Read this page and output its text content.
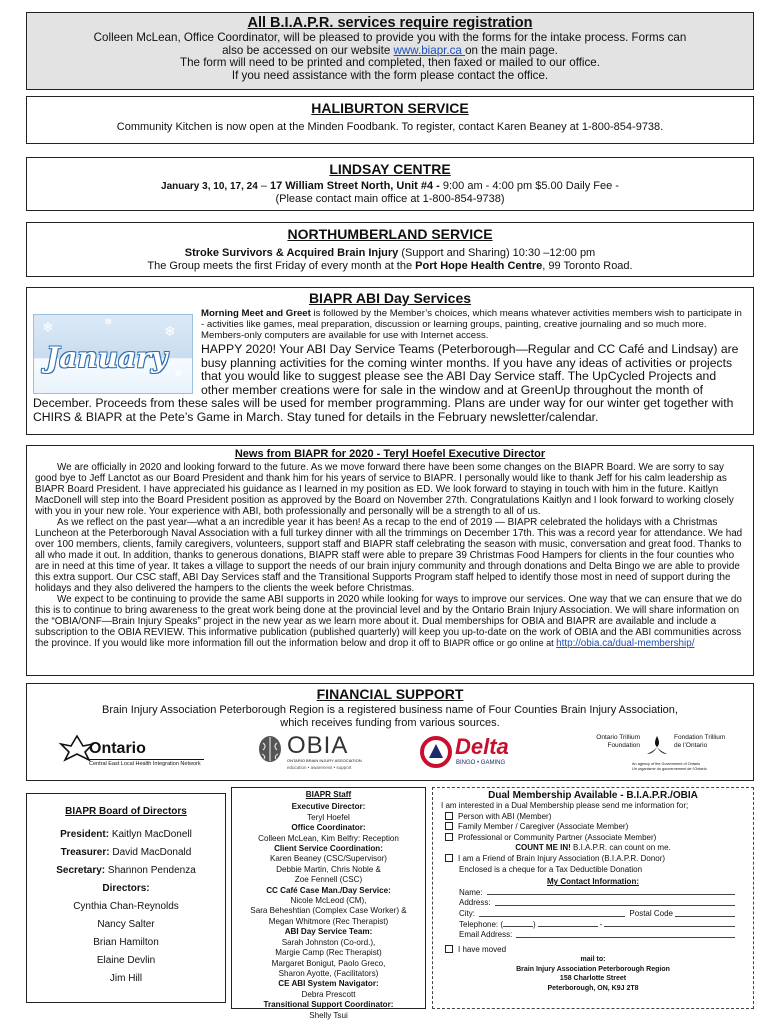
All B.I.A.P.R. services require registration
Colleen McLean, Office Coordinator, will be pleased to provide you with the forms for the intake process. Forms can
also be accessed on our website www.biapr.ca on the main page.
The form will need to be printed and completed, then faxed or mailed to our office.
If you need assistance with the form please contact the office.
HALIBURTON SERVICE
Community Kitchen is now open at the Minden Foodbank. To register, contact Karen Beaney at 1-800-854-9738.
LINDSAY CENTRE
January 3, 10, 17, 24 – 17 William Street North, Unit #4 - 9:00 am - 4:00 pm $5.00 Daily Fee -
(Please contact main office at 1-800-854-9738)
NORTHUMBERLAND SERVICE
Stroke Survivors & Acquired Brain Injury (Support and Sharing) 10:30 –12:00 pm
The Group meets the first Friday of every month at the Port Hope Health Centre, 99 Toronto Road.
BIAPR ABI Day Services
❄	❄
❄
❄
January
Morning Meet and Greet is followed by the Member’s choices, which means whatever activities members wish to participate in - activities like games, meal preparation, discussion or learning groups, painting, creative journaling and so much more. Members-only computers are available for use with Internet access.
HAPPY 2020! Your ABI Day Service Teams (Peterborough—Regular and CC Café and Lindsay) are busy planning activities for the coming winter months. If you have any ideas of activities or projects that you would like to suggest please see the ABI Day Service staff. The UpCycled Projects and other member creations were for sale in the window and at GreenUp throughout the month of December. Proceeds from these sales will be used for member programming. Plans are under way for our winter get together with CHIRS & BIAPR at the Pete’s Game in March. Stay tuned for details in the February newsletter/calendar.
News from BIAPR for 2020 - Teryl Hoefel Executive Director

We are officially in 2020 and looking forward to the future. As we move forward there have been some changes on the BIAPR Board. We are sorry to say good bye to Jeff Lanctot as our Board President and thank him for his years of service to BIAPR. I personally would like to thank Jeff for his calm leadership as BIAPR Board President. I have appreciated his guidance as I learned in my position as ED. We look forward to staying in touch with him in the future. Kaitlyn MacDonell will step into the Board President position as approved by the Board on November 27th. Congratulations Kaitlyn and I look forward to working closely with you in your new role. Your experience with ABI, both professionally and personally will be a strength to all of us.

As we reflect on the past year—what a an incredible year it has been! As a recap to the end of 2019 — BIAPR celebrated the holidays with a Christmas Luncheon at the Peterborough Naval Association with a full turkey dinner with all the trimmings on December 17th. This was a record year for attendance. We had over 100 members, clients, family caregivers, volunteers, support staff and BIAPR staff celebrating the season with music, conversation and great food. Thanks to all who made it out. In addition, thanks to generous donations, BIAPR staff were able to prepare 39 Christmas Food Hampers for clients in the four counties who are in need at this time of year. It takes a village to support the needs of our brain injury community and through donations and Delta Bingo we are able to provide this extra support. Our CSC staff, ABI Day Services staff and the Transitional Supports Program staff helped to identify those most in need of support during the holidays and they also delivered the hampers to the clients the week before Christmas.

We expect to be continuing to provide the same ABI supports in 2020 while looking for ways to improve our services. One way that we can ensure that we do this is to continue to bring awareness to the great work being done at the provincial level and by the Ontario Brain Injury Association. We will share information on the “OBIA/ONF—Brain Injury Speaks” project in the new year as we learn more about it. Dual memberships for OBIA and BIAPR are available and include a subscription to the OBIA REVIEW. This informative publication (published quarterly) will keep you up-to-date on the work of OBIA and the ABI communities across the province. If you would like more information fill out the information below and drop it off to BIAPR office or go online at http://obia.ca/dual-membership/

FINANCIAL SUPPORT
Brain Injury Association Peterborough Region is a registered business name of Four Counties Brain Injury Association,
which receives funding from various sources.
Ontario
Central East Local Health Integration Network
OBIA
ONTARIO BRAIN INJURY ASSOCIATION
education • awareness • support
Delta
BINGO • GAMING
Ontario Trillium Foundation
Fondation Trillium de l’Ontario
An agency of the Government of Ontario
Un organisme du gouvernement de l’Ontario
BIAPR Board of Directors
President: Kaitlyn MacDonell
Treasurer: David MacDonald
Secretary: Shannon Pendenza
Directors:
Cynthia Chan-Reynolds
Nancy Salter
Brian Hamilton
Elaine Devlin
Jim Hill
BIAPR Staff
Executive Director:
Teryl Hoefel
Office Coordinator:
Colleen McLean, Kim Belfry: Reception
Client Service Coordination:
Karen Beaney (CSC/Supervisor)
Debbie Martin, Chris Noble &
Zoe Fennell (CSC)
CC Café Case Man./Day Service:
Nicole McLeod (CM),
Sara Beheshtian (Complex Case Worker) &
Megan Whitmore (Rec Therapist)
ABI Day Service Team:
Sarah Johnston (Co-ord.),
Margie Camp (Rec Therapist)
Margaret Bonigut, Paolo Greco,
Sharon Ayotte, (Facilitators)
CE ABI System Navigator:
Debra Prescott
Transitional Support Coordinator:
Shelly Tsui
Dual Membership Available - B.I.A.P.R./OBIA
I am interested in a Dual Membership please send me information for;
Person with ABI (Member)
Family Member / Caregiver (Associate Member)
Professional or Community Partner (Associate Member)
COUNT ME IN! B.I.A.P.R. can count on me.
I am a Friend of Brain Injury Association (B.I.A.P.R. Donor)
Enclosed is a cheque for a Tax Deductible Donation
My Contact Information:
Name:
Address:
City:	Postal Code
Telephone: (	)	-
Email Address:
I have moved
mail to:
Brain Injury Association Peterborough Region
158 Charlotte Street
Peterborough, ON, K9J 2T8
